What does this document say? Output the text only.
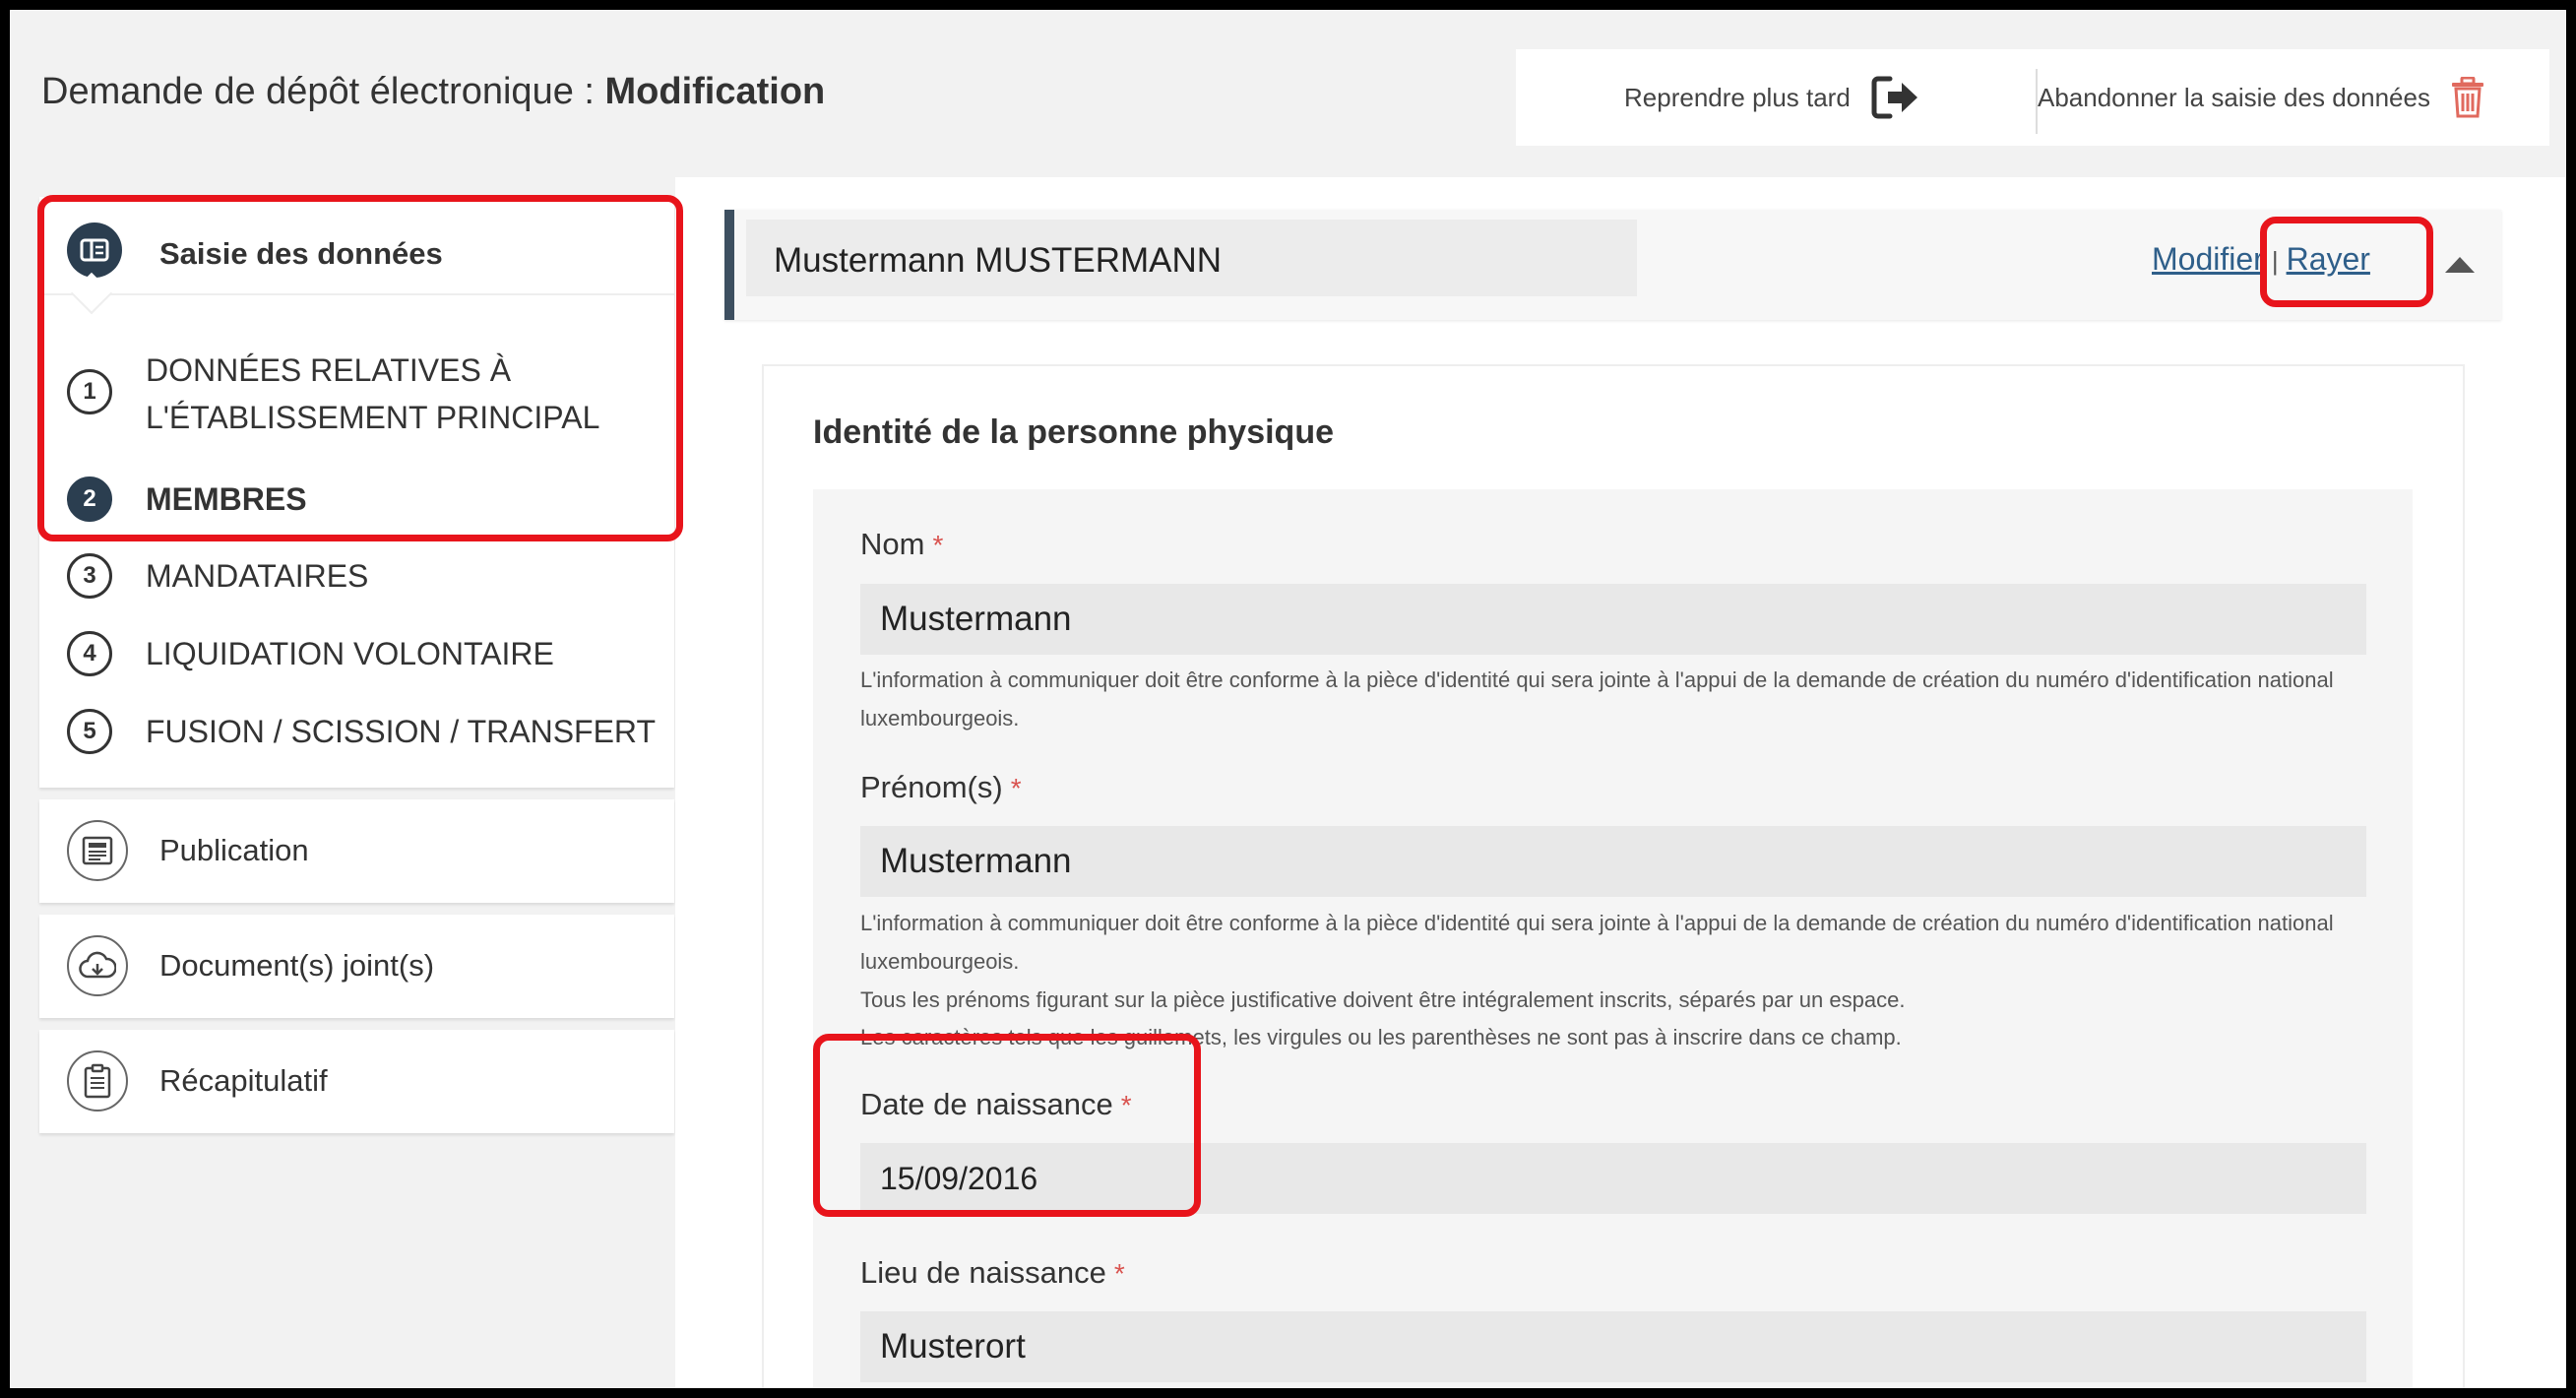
Demande de dépôt électronique : Modification	Reprendre plus tard	Abandonner la saisie des données
Saisie des données
1
DONNÉES RELATIVES À
L'ÉTABLISSEMENT PRINCIPAL
2	MEMBRES
3	MANDATAIRES
4	LIQUIDATION VOLONTAIRE
5	FUSION / SCISSION / TRANSFERT
Publication
Document(s) joint(s)
Récapitulatif
Mustermann MUSTERMANN	Modifier | Rayer
Identité de la personne physique
Nom *
Mustermann
L'information à communiquer doit être conforme à la pièce d'identité qui sera jointe à l'appui de la demande de création du numéro d'identification national luxembourgeois.
Prénom(s) *
Mustermann
L'information à communiquer doit être conforme à la pièce d'identité qui sera jointe à l'appui de la demande de création du numéro d'identification national luxembourgeois.
Tous les prénoms figurant sur la pièce justificative doivent être intégralement inscrits, séparés par un espace.
Les caractères tels que les guillemets, les virgules ou les parenthèses ne sont pas à inscrire dans ce champ.
Date de naissance *
15/09/2016
Lieu de naissance *
Musterort
